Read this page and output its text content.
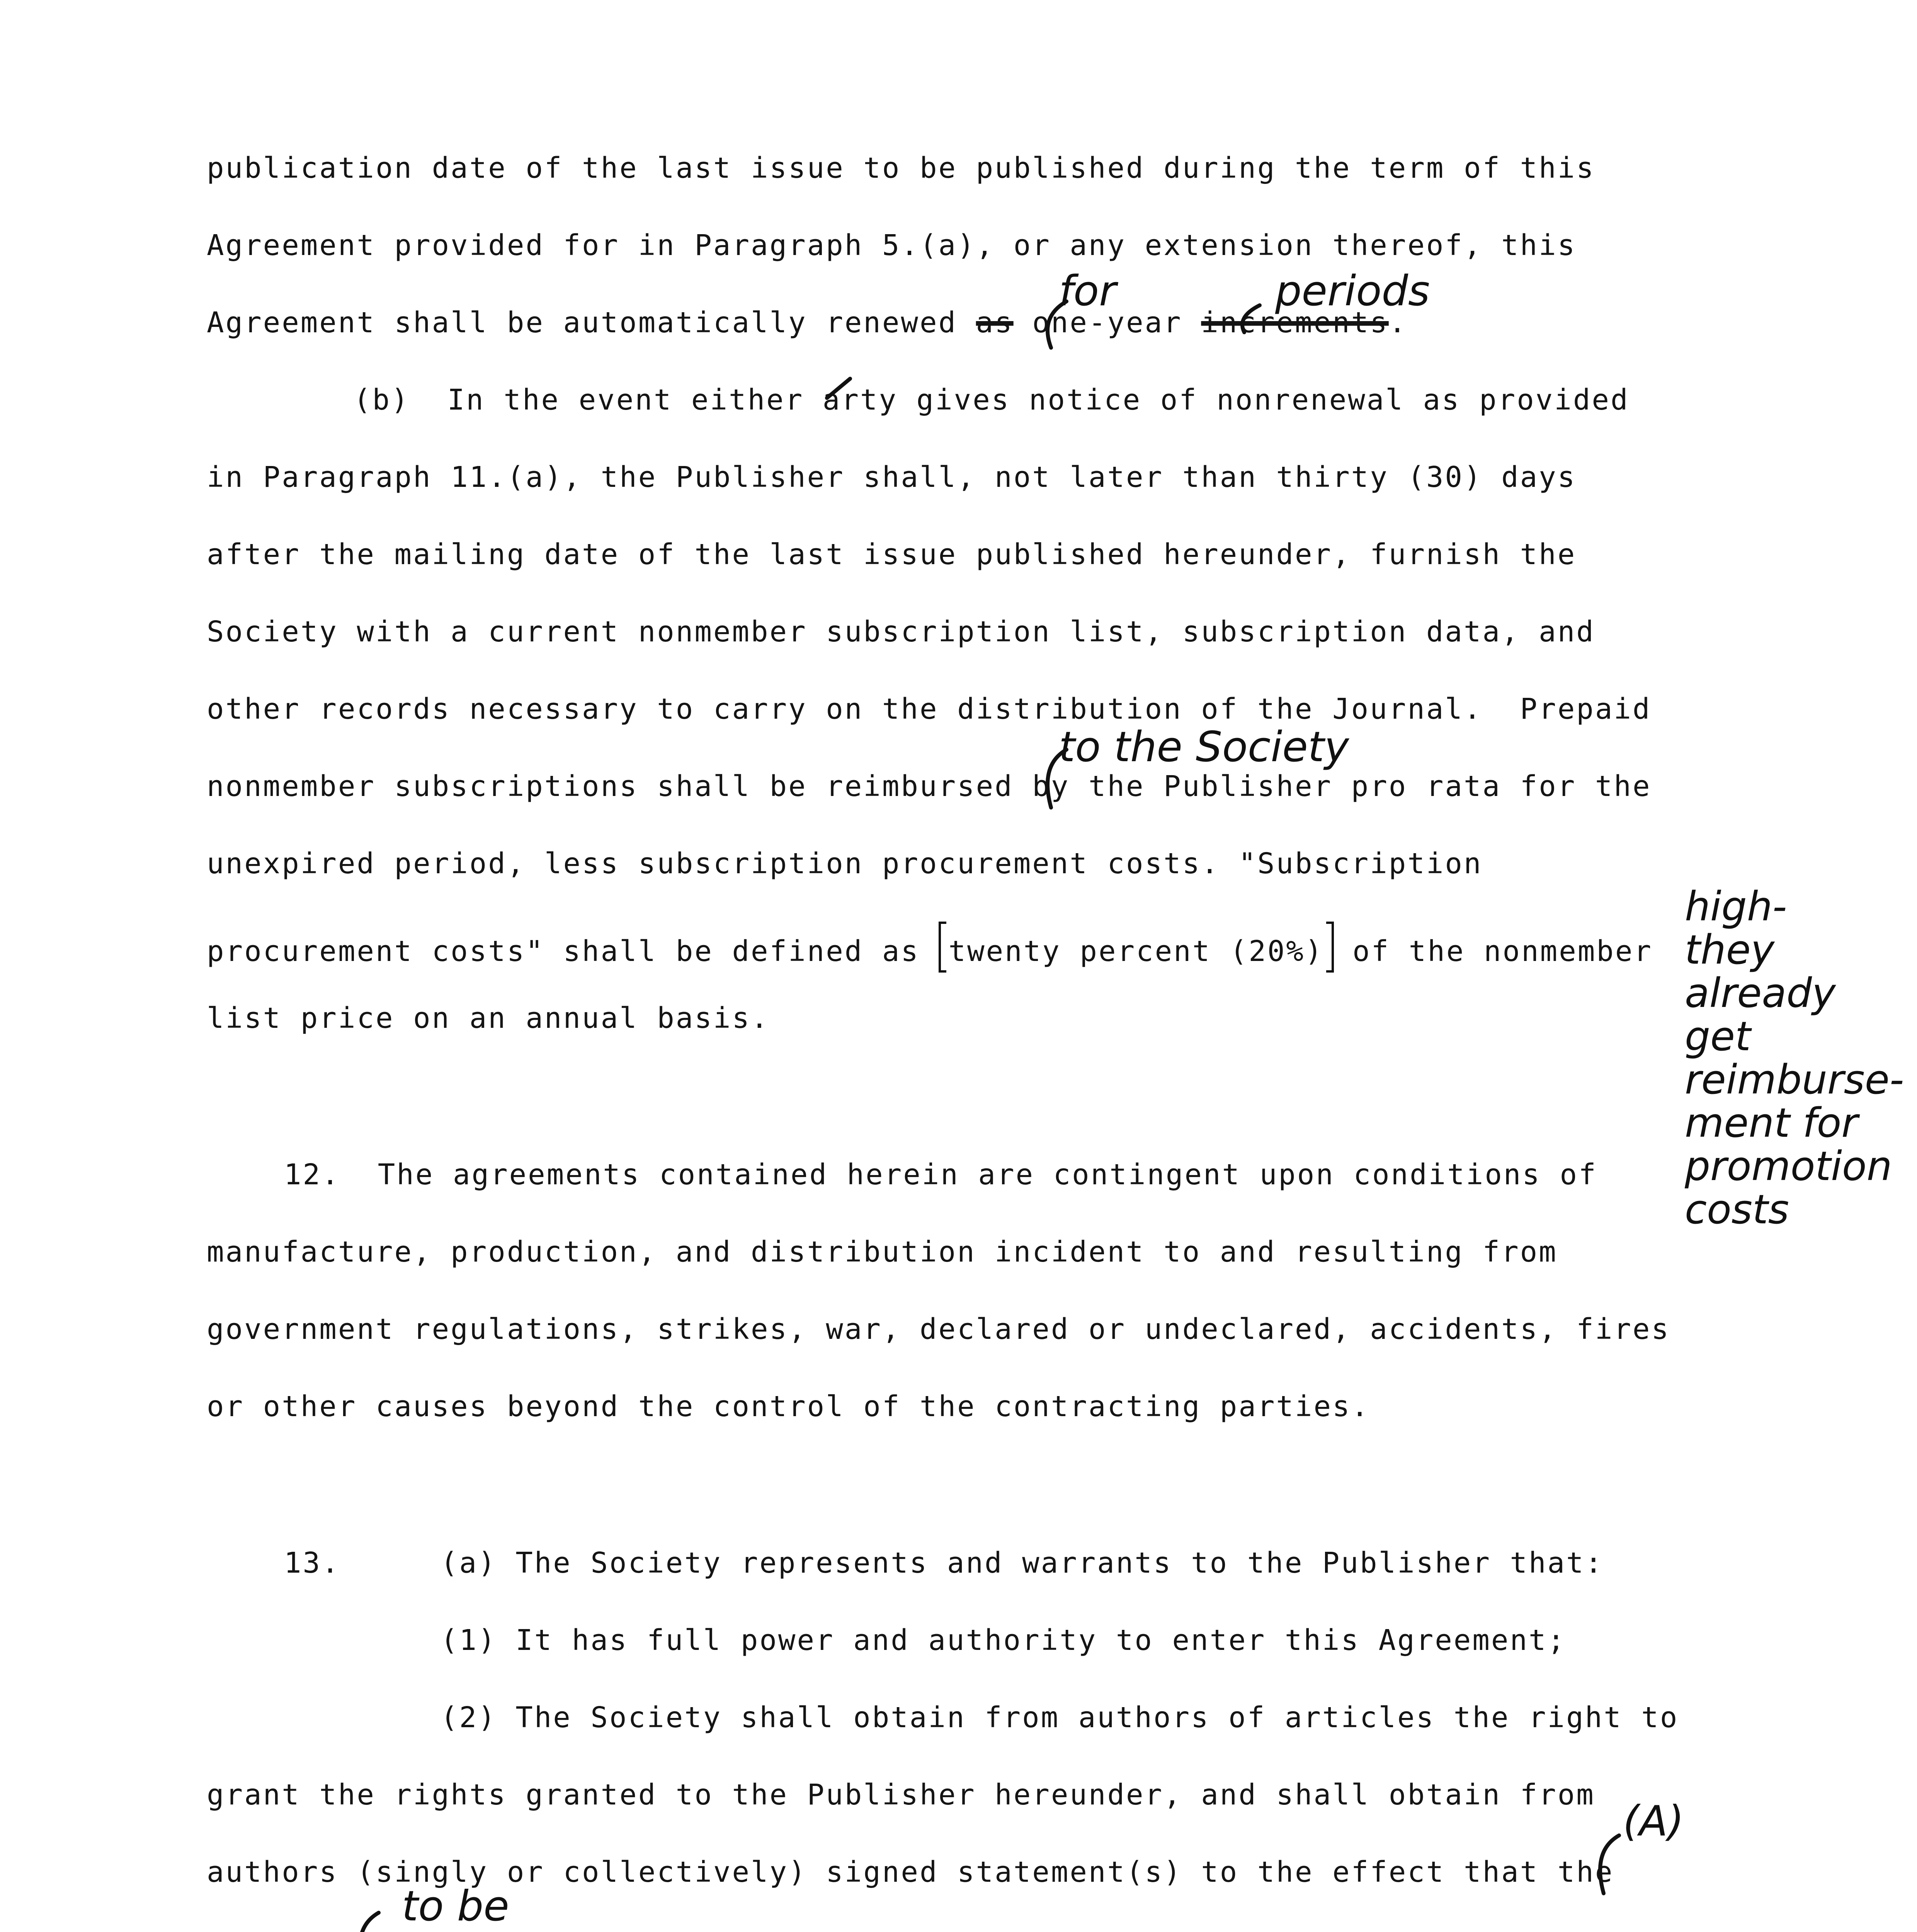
publication date of the last issue to be published during the term of this
Agreement provided for in Paragraph 5.(a), or any extension thereof, this
Agreement shall be automatically renewed as one-year increments.
for	periods
(b)  In the event either arty gives notice of nonrenewal as provided
in Paragraph 11.(a), the Publisher shall, not later than thirty (30) days
after the mailing date of the last issue published hereunder, furnish the
Society with a current nonmember subscription list, subscription data, and
other records necessary to carry on the distribution of the Journal.  Prepaid
to the Society
nonmember subscriptions shall be reimbursed by the Publisher pro rata for the
unexpired period, less subscription procurement costs. "Subscription
procurement costs" shall be defined as twenty percent (20%) of the nonmember
list price on an annual basis.
high-
they
already
get
reimburse-
ment for
promotion
costs
12.  The agreements contained herein are contingent upon conditions of
manufacture, production, and distribution incident to and resulting from
government regulations, strikes, war, declared or undeclared, accidents, fires
or other causes beyond the control of the contracting parties.
13.	(a) The Society represents and warrants to the Publisher that:
(1) It has full power and authority to enter this Agreement;
(2) The Society shall obtain from authors of articles the right to
grant the rights granted to the Publisher hereunder, and shall obtain from
(A)
authors (singly or collectively) signed statement(s) to the effect that the
to be
